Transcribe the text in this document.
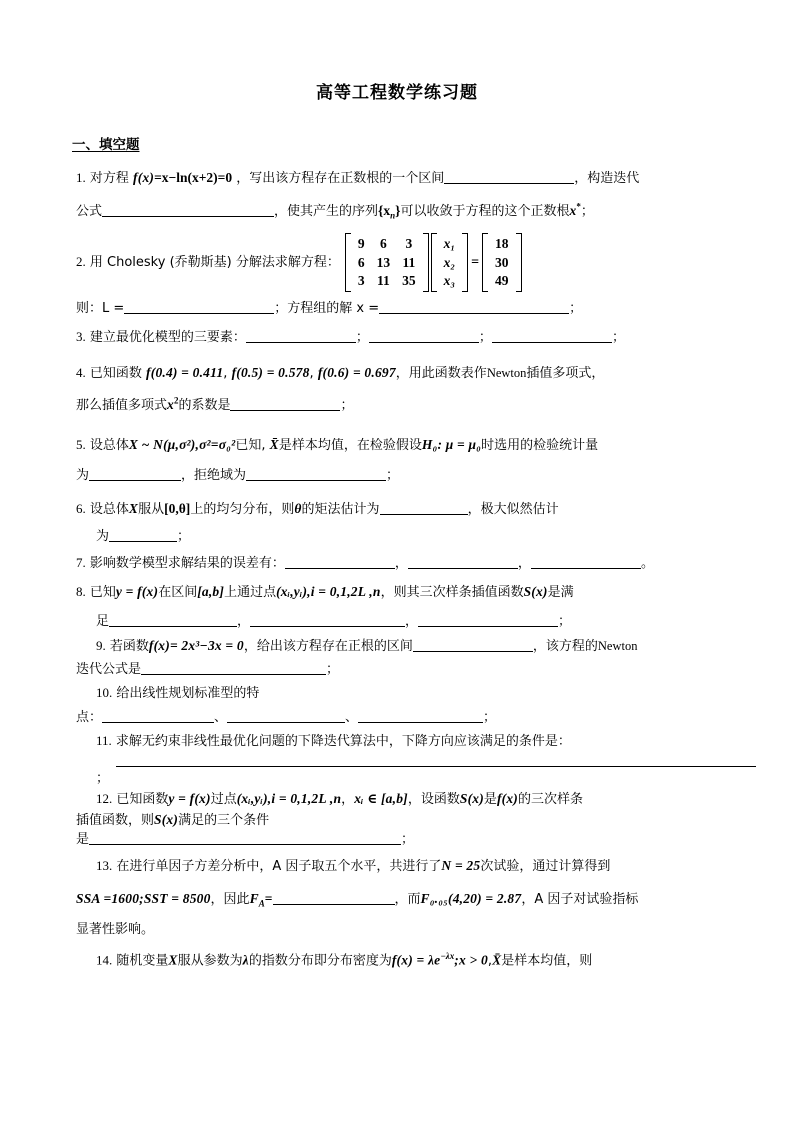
高等工程数学练习题
一、填空题
1. 对方程 f(x)=x−ln(x+2)=0 ，写出该方程存在正数根的一个区间	，构造迭代
公式	，使其产生的序列$\{x_n\}$可以收敛于方程的这个正数根x*；
2. 用 Cholesky (乔勒斯基) 分解法求解方程：
9	6	3
6	13	11
3	11	35
x₁
x₂
x₃
=
18
30
49
则：L =	；方程组的解 x =	；
3. 建立最优化模型的三要素：	；	；	；
4. 已知函数 f(0.4) = 0.411, f(0.5) = 0.578, f(0.6) = 0.697，用此函数表作Newton插值多项式，
那么插值多项式$x^2$的系数是	；
5. 设总体X ~ N(μ,σ²),σ²=σ₀²已知, X̄是样本均值，在检验假设H₀: μ = μ₀时选用的检验统计量
为	，拒绝域为	；
6. 设总体X服从[0,θ]上的均匀分布，则θ的矩法估计为	，极大似然估计
为	；
7. 影响数学模型求解结果的误差有：	，	，	。
8. 已知y = f(x)在区间[a,b]上通过点(xᵢ,yᵢ),i = 0,1,2L ,n，则其三次样条插值函数S(x)是满
足	，	，	；
9. 若函数f(x)= 2x³−3x = 0，给出该方程存在正根的区间	，该方程的Newton
迭代公式是	；
10. 给出线性规划标准型的特
点：	、	、	；
11. 求解无约束非线性最优化问题的下降迭代算法中，下降方向应该满足的条件是：
；
12. 已知函数y = f(x)过点(xᵢ,yᵢ),i = 0,1,2L ,n，xᵢ ∈ [a,b]，设函数S(x)是f(x)的三次样条
插值函数，则S(x)满足的三个条件
是	；
13. 在进行单因子方差分析中，A 因子取五个水平，共进行了N = 25次试验，通过计算得到
SSA =1600;SST = 8500，因此$F_A=$	，而F₀.₀₅(4,20) = 2.87，A 因子对试验指标
显著性影响。
14. 随机变量X服从参数为λ的指数分布即分布密度为$f(x) = \lambda e^{-\lambda x};x$ > 0,X̄是样本均值，则
